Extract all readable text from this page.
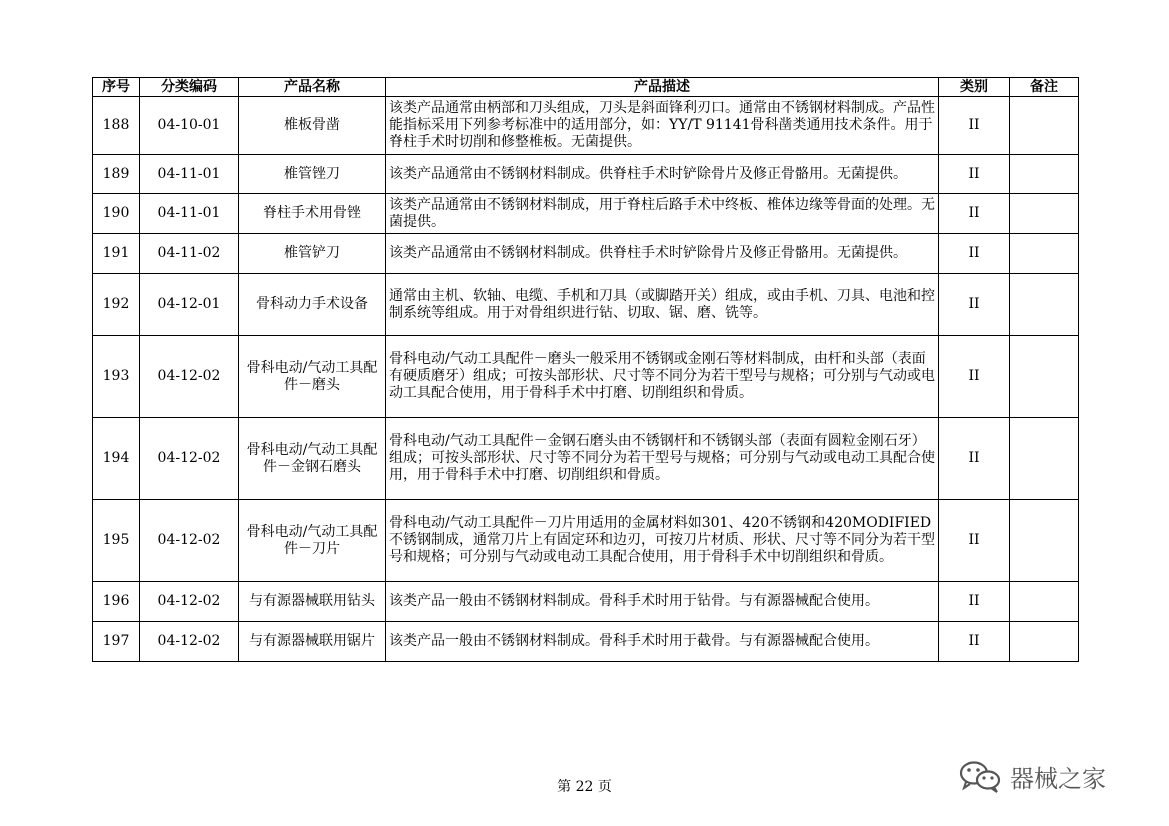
序号	分类编码	产品名称	产品描述	类别	备注
188	04-10-01	椎板骨凿	该类产品通常由柄部和刀头组成，刀头是斜面锋利刃口。通常由不锈钢材料制成。产品性能指标采用下列参考标准中的适用部分，如：YY/T 91141骨科凿类通用技术条件。用于脊柱手术时切削和修整椎板。无菌提供。	II	
189	04-11-01	椎管锉刀	该类产品通常由不锈钢材料制成。供脊柱手术时铲除骨片及修正骨骼用。无菌提供。	II	
190	04-11-01	脊柱手术用骨锉	该类产品通常由不锈钢材料制成，用于脊柱后路手术中终板、椎体边缘等骨面的处理。无菌提供。	II	
191	04-11-02	椎管铲刀	该类产品通常由不锈钢材料制成。供脊柱手术时铲除骨片及修正骨骼用。无菌提供。	II	
192	04-12-01	骨科动力手术设备	通常由主机、软轴、电缆、手机和刀具（或脚踏开关）组成，或由手机、刀具、电池和控制系统等组成。用于对骨组织进行钻、切取、锯、磨、铣等。	II	
193	04-12-02	骨科电动/气动工具配件－磨头	骨科电动/气动工具配件－磨头一般采用不锈钢或金刚石等材料制成，由杆和头部（表面有硬质磨牙）组成；可按头部形状、尺寸等不同分为若干型号与规格；可分别与气动或电动工具配合使用，用于骨科手术中打磨、切削组织和骨质。	II	
194	04-12-02	骨科电动/气动工具配件－金钢石磨头	骨科电动/气动工具配件－金钢石磨头由不锈钢杆和不锈钢头部（表面有圆粒金刚石牙）组成；可按头部形状、尺寸等不同分为若干型号与规格；可分别与气动或电动工具配合使用，用于骨科手术中打磨、切削组织和骨质。	II	
195	04-12-02	骨科电动/气动工具配件－刀片	骨科电动/气动工具配件－刀片用适用的金属材料如301、420不锈钢和420MODIFIED不锈钢制成，通常刀片上有固定环和边刃，可按刀片材质、形状、尺寸等不同分为若干型号和规格；可分别与气动或电动工具配合使用，用于骨科手术中切削组织和骨质。	II	
196	04-12-02	与有源器械联用钻头	该类产品一般由不锈钢材料制成。骨科手术时用于钻骨。与有源器械配合使用。	II	
197	04-12-02	与有源器械联用锯片	该类产品一般由不锈钢材料制成。骨科手术时用于截骨。与有源器械配合使用。	II	
第 22 页	器械之家
